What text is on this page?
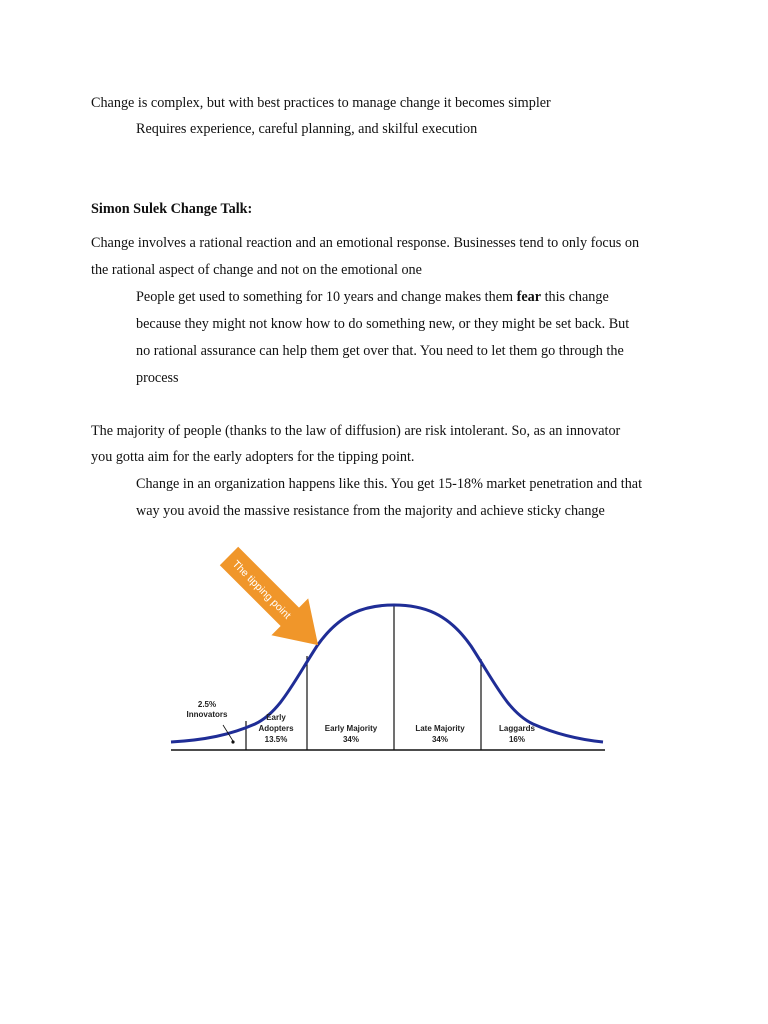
Change is complex, but with best practices to manage change it becomes simpler
Requires experience, careful planning, and skilful execution
Simon Sulek Change Talk:
Change involves a rational reaction and an emotional response. Businesses tend to only focus on
the rational aspect of change and not on the emotional one
People get used to something for 10 years and change makes them fear this change
because they might not know how to do something new, or they might be set back. But
no rational assurance can help them get over that. You need to let them go through the
process
The majority of people (thanks to the law of diffusion) are risk intolerant. So, as an innovator
you gotta aim for the early adopters for the tipping point.
Change in an organization happens like this. You get 15-18% market penetration and that
way you avoid the massive resistance from the majority and achieve sticky change
The tipping point
2.5%
Innovators	Early
Adopters
13.5%
Early Majority
34%
Late Majority
34%
Laggards
16%
